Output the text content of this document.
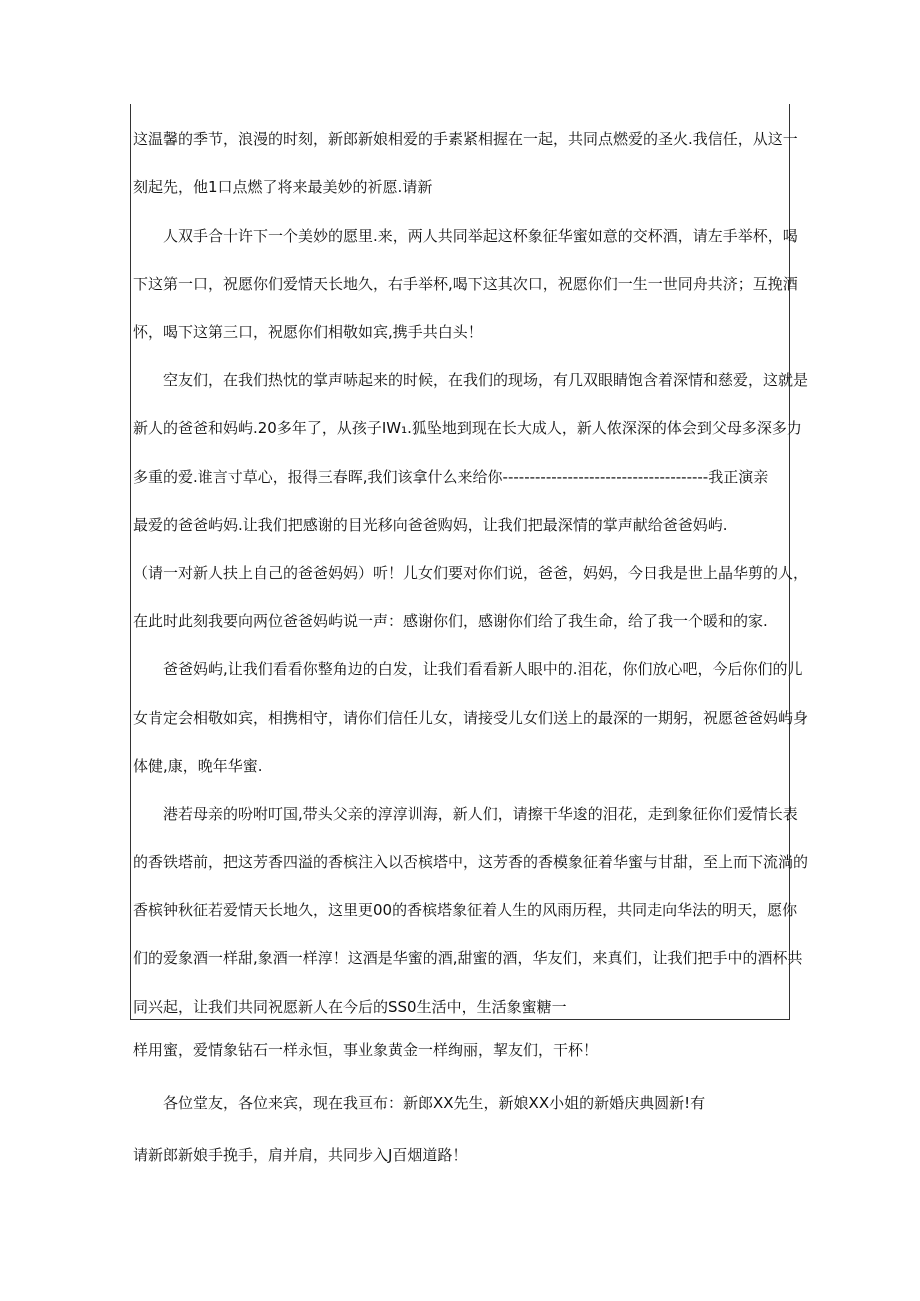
这温馨的季节，浪漫的时刻，新郎新娘相爱的手素紧相握在一起，共同点燃爱的圣火.我信任，从这一
刻起先，他1口点燃了将来最美妙的祈愿.请新
人双手合十许下一个美妙的愿里.来，两人共同举起这杯象征华蜜如意的交杯酒，请左手举杯，喝
下这第一口，祝愿你们爱情天长地久，右手举杯,喝下这其次口，祝愿你们一生一世同舟共济；互挽酒
怀，喝下这第三口，祝愿你们相敬如宾,携手共白头！
空友们，在我们热忱的掌声哧起来的时候，在我们的现场，有几双眼睛饱含着深情和慈爱，这就是
新人的爸爸和妈屿.20多年了，从孩子IW₁.狐坠地到现在长大成人，新人侬深深的体会到父母多深多力
多重的爱.谁言寸草心，报得三春晖,我们该拿什么来给你--------------------------------------我正演亲
最爱的爸爸屿妈.让我们把感谢的目光移向爸爸购妈，让我们把最深情的掌声献给爸爸妈屿.
（请一对新人扶上自己的爸爸妈妈）听！儿女们要对你们说，爸爸，妈妈，今日我是世上晶华剪的人，
在此时此刻我要向两位爸爸妈屿说一声：感谢你们，感谢你们给了我生命，给了我一个暖和的家.
爸爸妈屿,让我们看看你整角边的白发，让我们看看新人眼中的.泪花，你们放心吧，今后你们的儿
女肯定会相敬如宾，相携相守，请你们信任儿女，请接受儿女们送上的最深的一期躬，祝愿爸爸妈屿身
体健,康，晚年华蜜.
港若母亲的吩咐叮国,带头父亲的淳淳训海，新人们，请擦干华逡的泪花，走到象征你们爱情长表
的香铁塔前，把这芳香四溢的香槟注入以否槟塔中，这芳香的香模象征着华蜜与甘甜，至上而下流淌的
香槟钟秋征若爱情天长地久，这里更00的香槟塔象征着人生的风雨历程，共同走向华法的明天，愿你
们的爱象酒一样甜,象酒一样淳！这酒是华蜜的酒,甜蜜的酒，华友们，来真们，让我们把手中的酒杯共
同兴起，让我们共同祝愿新人在今后的SS0生活中，生活象蜜糖一
样用蜜，爱情象钻石一样永恒，事业象黄金一样绚丽，挈友们，干杯！
各位堂友，各位来宾，现在我亘布：新郎XX先生，新娘XX小姐的新婚庆典圆新!有
请新郎新娘手挽手，肩并肩，共同步入J百烟道路！
